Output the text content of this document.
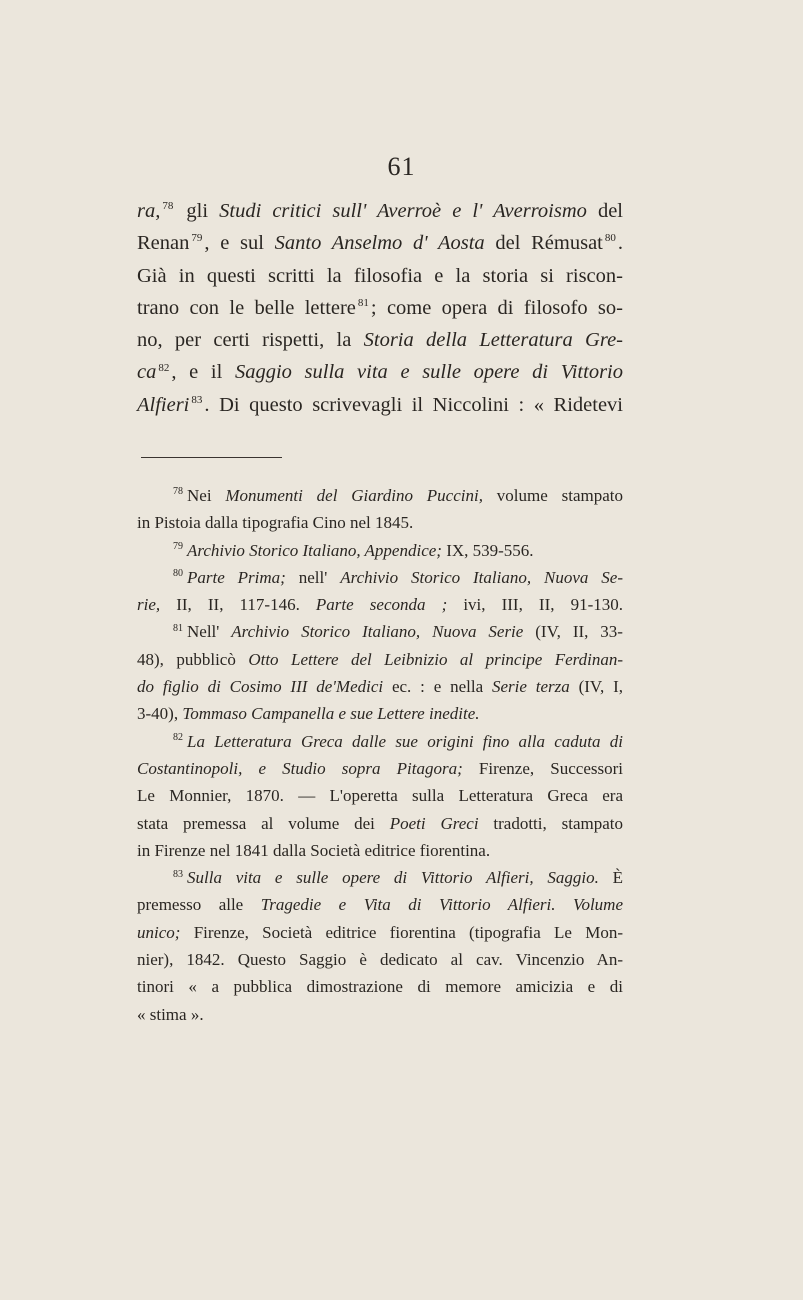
61
ra, $^{78}$ gli Studi critici sull' Averroè e l' Averroismo del
Renan $^{79}$, e sul Santo Anselmo d' Aosta del Rémusat $^{80}$.
Già in questi scritti la filosofia e la storia si riscon-
trano con le belle lettere $^{81}$; come opera di filosofo so-
no, per certi rispetti, la Storia della Letteratura Gre-
ca $^{82}$, e il Saggio sulla vita e sulle opere di Vittorio
Alfieri $^{83}$. Di questo scrivevagli il Niccolini : « Ridetevi
$^{78}$ Nei Monumenti del Giardino Puccini, volume stampato
in Pistoia dalla tipografia Cino nel 1845.
$^{79}$ Archivio Storico Italiano, Appendice; IX, 539-556.
$^{80}$ Parte Prima; nell' Archivio Storico Italiano, Nuova Se-
rie, II, II, 117-146. Parte seconda ; ivi, III, II, 91-130.
$^{81}$ Nell' Archivio Storico Italiano, Nuova Serie (IV, II, 33-
48), pubblicò Otto Lettere del Leibnizio al principe Ferdinan-
do figlio di Cosimo III de'Medici ec. : e nella Serie terza (IV, I,
3-40), Tommaso Campanella e sue Lettere inedite.
$^{82}$ La Letteratura Greca dalle sue origini fino alla caduta di
Costantinopoli, e Studio sopra Pitagora; Firenze, Successori
Le Monnier, 1870. — L'operetta sulla Letteratura Greca era
stata premessa al volume dei Poeti Greci tradotti, stampato
in Firenze nel 1841 dalla Società editrice fiorentina.
$^{83}$ Sulla vita e sulle opere di Vittorio Alfieri, Saggio. È
premesso alle Tragedie e Vita di Vittorio Alfieri. Volume
unico; Firenze, Società editrice fiorentina (tipografia Le Mon-
nier), 1842. Questo Saggio è dedicato al cav. Vincenzio An-
tinori « a pubblica dimostrazione di memore amicizia e di
« stima ».
